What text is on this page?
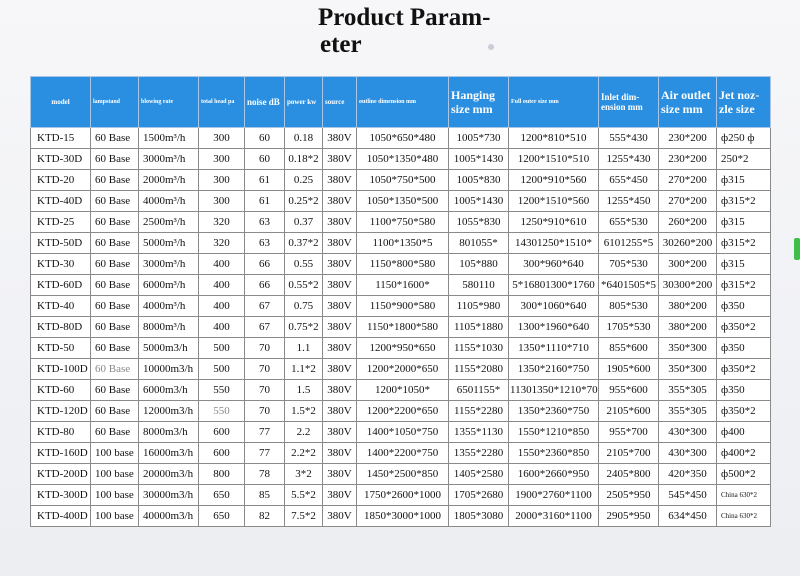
Product Param-
eter
model	lampstand	blowing rate	total head pa	noise dB	power kw	source	outline dimension mm	Hanging size mm	Full outer size mm	Inlet dim-ension mm	Air outlet size mm	Jet noz-zle size
KTD-15	60 Base	1500m³/h	300	60	0.18	380V	1050*650*480	1005*730	1200*810*510	555*430	230*200	ф250 ф
KTD-30D	60 Base	3000m³/h	300	60	0.18*2	380V	1050*1350*480	1005*1430	1200*1510*510	1255*430	230*200	250*2
KTD-20	60 Base	2000m³/h	300	61	0.25	380V	1050*750*500	1005*830	1200*910*560	655*450	270*200	ф315
KTD-40D	60 Base	4000m³/h	300	61	0.25*2	380V	1050*1350*500	1005*1430	1200*1510*560	1255*450	270*200	ф315*2
KTD-25	60 Base	2500m³/h	320	63	0.37	380V	1100*750*580	1055*830	1250*910*610	655*530	260*200	ф315
KTD-50D	60 Base	5000m³/h	320	63	0.37*2	380V	1100*1350*5	801055*	14301250*1510*	6101255*5	30260*200	ф315*2
KTD-30	60 Base	3000m³/h	400	66	0.55	380V	1150*800*580	105*880	300*960*640	705*530	300*200	ф315
KTD-60D	60 Base	6000m³/h	400	66	0.55*2	380V	1150*1600*	580110	5*16801300*1760	*6401505*5	30300*200	ф315*2
KTD-40	60 Base	4000m³/h	400	67	0.75	380V	1150*900*580	1105*980	300*1060*640	805*530	380*200	ф350
KTD-80D	60 Base	8000m³/h	400	67	0.75*2	380V	1150*1800*580	1105*1880	1300*1960*640	1705*530	380*200	ф350*2
KTD-50	60 Base	5000m3/h	500	70	1.1	380V	1200*950*650	1155*1030	1350*1110*710	855*600	350*300	ф350
KTD-100D	60 Base	10000m3/h	500	70	1.1*2	380V	1200*2000*650	1155*2080	1350*2160*750	1905*600	350*300	ф350*2
KTD-60	60 Base	6000m3/h	550	70	1.5	380V	1200*1050*	6501155*	11301350*1210*70	955*600	355*305	ф350
KTD-120D	60 Base	12000m3/h	550	70	1.5*2	380V	1200*2200*650	1155*2280	1350*2360*750	2105*600	355*305	ф350*2
KTD-80	60 Base	8000m3/h	600	77	2.2	380V	1400*1050*750	1355*1130	1550*1210*850	955*700	430*300	ф400
KTD-160D	100 base	16000m3/h	600	77	2.2*2	380V	1400*2200*750	1355*2280	1550*2360*850	2105*700	430*300	ф400*2
KTD-200D	100 base	20000m3/h	800	78	3*2	380V	1450*2500*850	1405*2580	1600*2660*950	2405*800	420*350	ф500*2
KTD-300D	100 base	30000m3/h	650	85	5.5*2	380V	1750*2600*1000	1705*2680	1900*2760*1100	2505*950	545*450	China 630*2
KTD-400D	100 base	40000m3/h	650	82	7.5*2	380V	1850*3000*1000	1805*3080	2000*3160*1100	2905*950	634*450	China 630*2
